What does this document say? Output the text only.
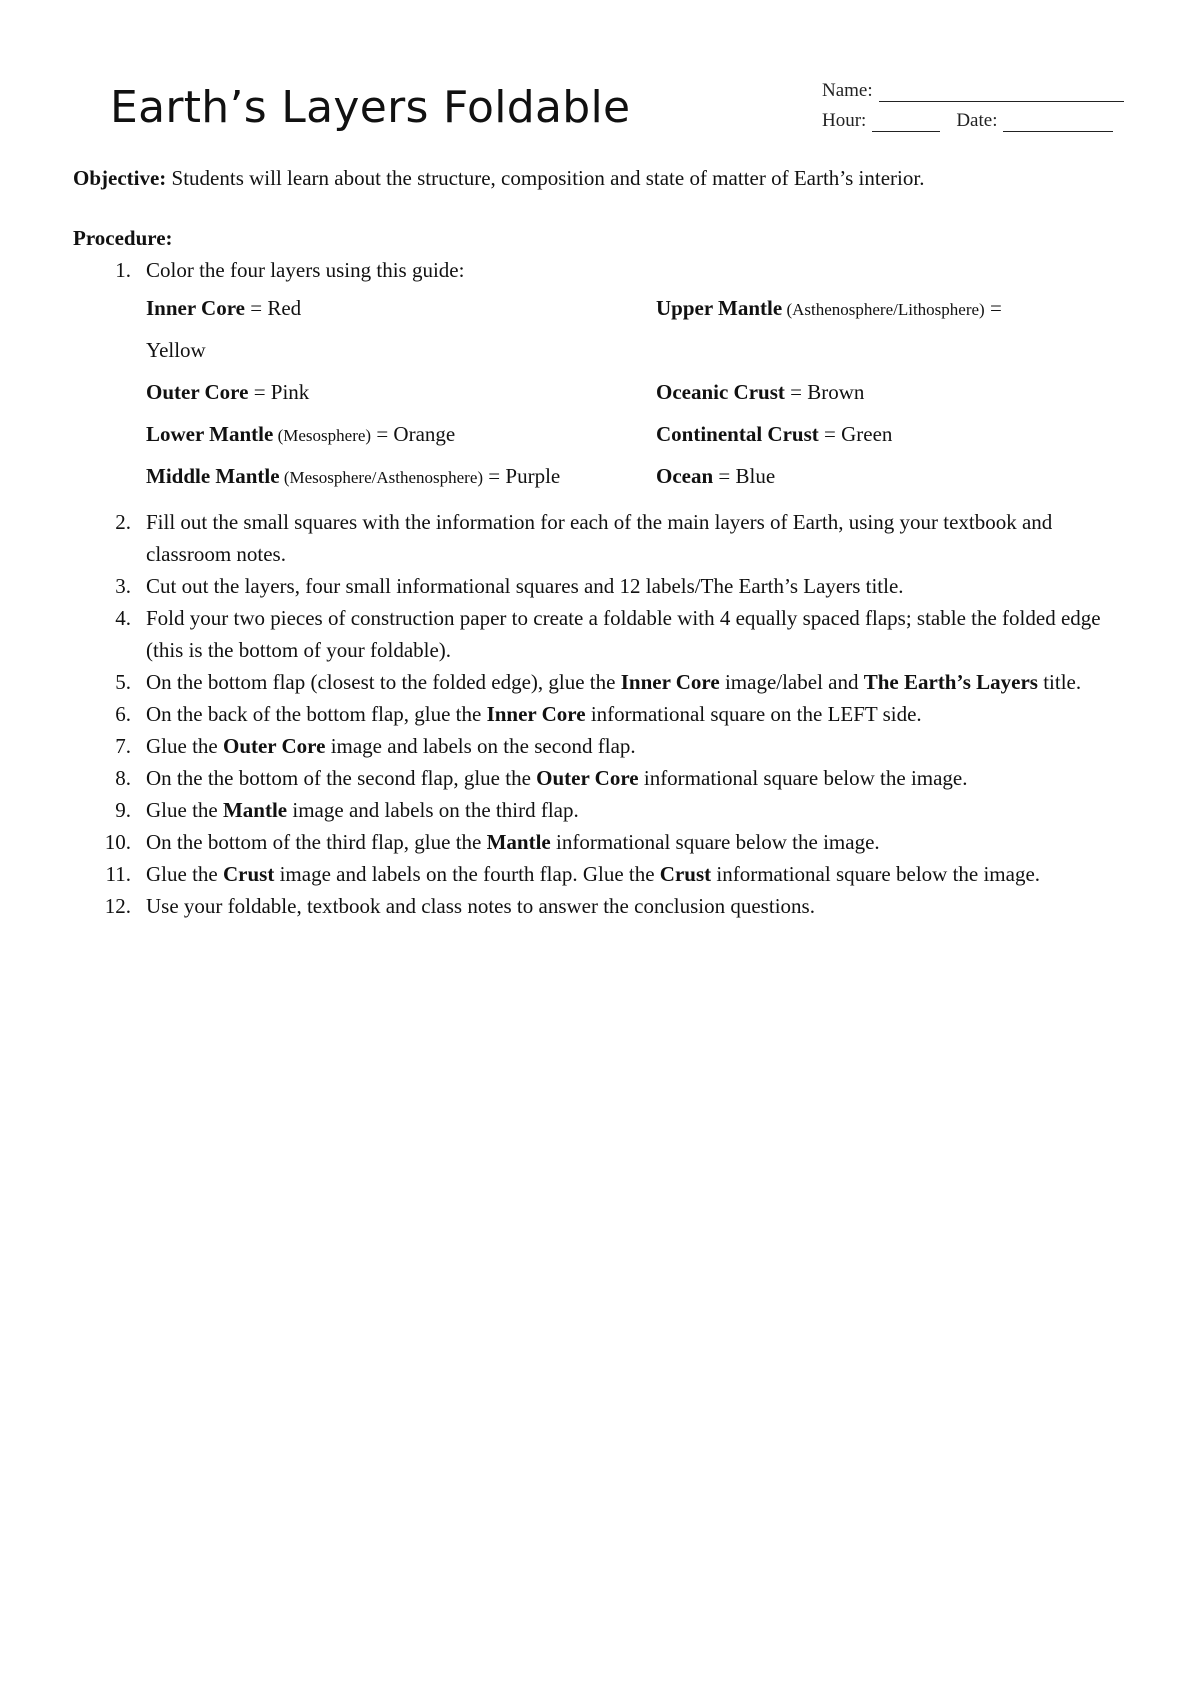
Earth’s Layers Foldable	Name:
Hour:	Date:

Objective: Students will learn about the structure, composition and state of matter of Earth’s interior.

Procedure:

1. Color the four layers using this guide:
Inner Core = Red	Upper Mantle (Asthenosphere/Lithosphere) =
Yellow
Outer Core = Pink	Oceanic Crust = Brown
Lower Mantle (Mesosphere) = Orange	Continental Crust = Green
Middle Mantle (Mesosphere/Asthenosphere) = Purple	Ocean = Blue
2. Fill out the small squares with the information for each of the main layers of Earth, using your textbook and classroom notes.
3. Cut out the layers, four small informational squares and 12 labels/The Earth’s Layers title.
4. Fold your two pieces of construction paper to create a foldable with 4 equally spaced flaps; stable the folded edge (this is the bottom of your foldable).
5. On the bottom flap (closest to the folded edge), glue the Inner Core image/label and The Earth’s Layers title.
6. On the back of the bottom flap, glue the Inner Core informational square on the LEFT side.
7. Glue the Outer Core image and labels on the second flap.
8. On the the bottom of the second flap, glue the Outer Core informational square below the image.
9. Glue the Mantle image and labels on the third flap.
10. On the bottom of the third flap, glue the Mantle informational square below the image.
11. Glue the Crust image and labels on the fourth flap. Glue the Crust informational square below the image.
12. Use your foldable, textbook and class notes to answer the conclusion questions.
